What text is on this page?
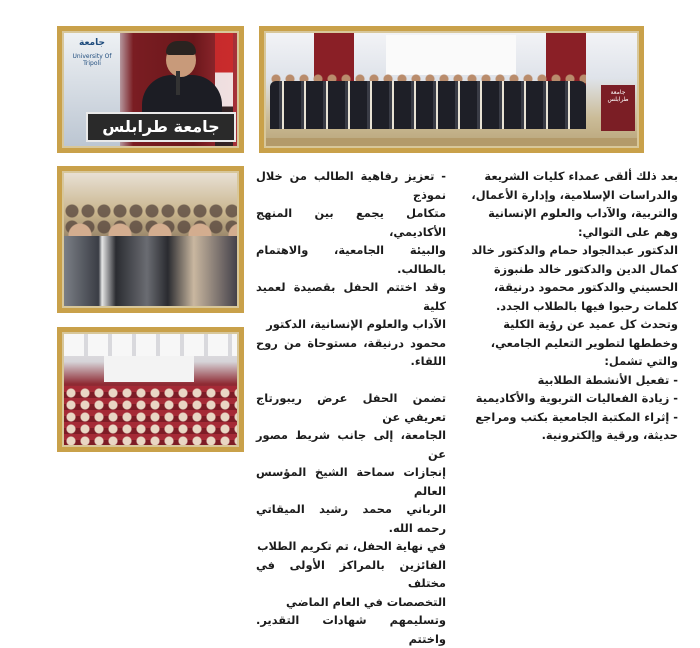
جامعة
University Of Tripoli
جامعة طرابلس
جامعة طرابلس

بعد ذلك ألقى عمداء كليات الشريعة

والدراسات الإسلامية، وإدارة الأعمال،

والتربية، والآداب والعلوم الإنسانية

وهم على التوالي:

الدكتور عبدالجواد حمام والدكتور خالد

كمال الدين والدكتور خالد طنبوزة

الحسيني والدكتور محمود درنيقة،

كلمات رحبوا فيها بالطلاب الجدد.

وتحدث كل عميد عن رؤية الكلية

وخططها لتطوير التعليم الجامعي،

والتي تشمل:

- تفعيل الأنشطة الطلابية

- زيادة الفعاليات التربوية والأكاديمية

- إثراء المكتبة الجامعية بكتب ومراجع

حديثة، ورقية وإلكترونية.

- تعزيز رفاهية الطالب من خلال نموذج

متكامل يجمع بين المنهج الأكاديمي،

والبيئة الجامعية، والاهتمام بالطالب.

وقد اختتم الحفل بقصيدة لعميد كلية

الآداب والعلوم الإنسانية، الدكتور

محمود درنيقة، مستوحاة من روح اللقاء.

تضمن الحفل عرض ريبورتاج تعريفي عن

الجامعة، إلى جانب شريط مصور عن

إنجازات سماحة الشيخ المؤسس العالم

الرباني محمد رشيد الميقاتي رحمه الله.

في نهاية الحفل، تم تكريم الطلاب

الفائزين بالمراكز الأولى في مختلف

التخصصات في العام الماضي

وتسليمهم شهادات التقدير. واختتم
